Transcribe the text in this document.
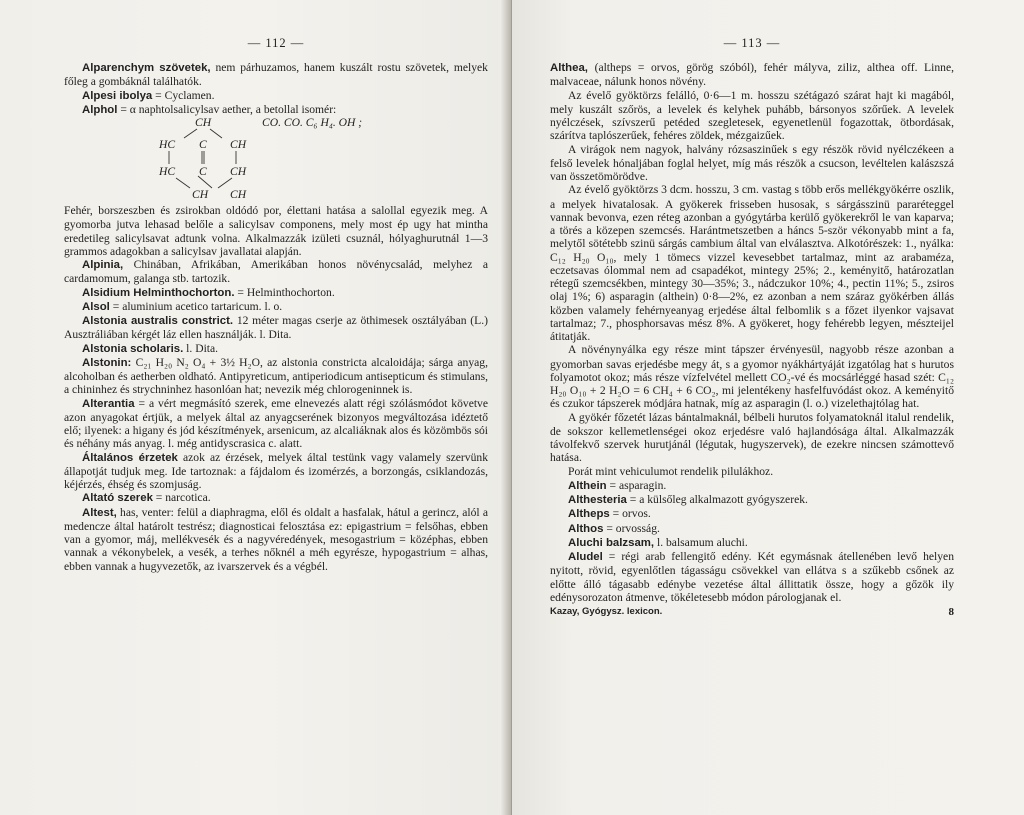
— 112 —

Alparenchym szövetek, nem párhuzamos, hanem kuszált rostu szövetek, melyek főleg a gombáknál találhatók.

Alpesi ibolya = Cyclamen.

Alphol = α naphtolsalicylsav aether, a betollal isomér:

CH	CO. CO. C₆ H₄. OH ;
HC C CH
HC C CH
CH CH

Fehér, borszeszben és zsirokban oldódó por, élettani hatása a salollal egyezik meg. A gyomorba jutva lehasad belőle a salicylsav componens, mely most ép ugy hat mintha eredetileg salicylsavat adtunk volna. Alkalmazzák izületi csuznál, hólyaghurutnál 1—3 grammos adagokban a salicylsav javallatai alapján.

Alpinia, Chinában, Afrikában, Amerikában honos növénycsalád, melyhez a cardamomum, galanga stb. tartozik.

Alsidium Helminthochorton. = Helminthochorton.

Alsol = aluminium acetico tartaricum. l. o.

Alstonia australis constrict. 12 méter magas cserje az öthimesek osztályában (L.) Ausztráliában kérgét láz ellen használják. l. Dita.

Alstonia scholaris. l. Dita.

Alstonin: C₂₁ H₂₀ N₂ O₄ + 3½ H₂O, az alstonia constricta alcaloidája; sárga anyag, alcoholban és aetherben oldható. Antipyreticum, antiperiodicum antisepticum és stimulans, a chininhez és strychninhez hasonlóan hat; nevezik még chlorogeninnek is.

Alterantia = a vért megmásító szerek, eme elnevezés alatt régi szólásmódot követve azon anyagokat értjük, a melyek által az anyagcserének bizonyos megváltozása idéztető elő; ilyenek: a higany és jód készítmények, arsenicum, az alcaliáknak alos és közömbös sói és néhány más anyag. l. még antidyscrasica c. alatt.

Általános érzetek azok az érzések, melyek által testünk vagy valamely szervünk állapotját tudjuk meg. Ide tartoznak: a fájdalom és izomérzés, a borzongás, csiklandozás, kéjérzés, éhség és szomjuság.

Altató szerek = narcotica.

Altest, has, venter: felül a diaphragma, elől és oldalt a hasfalak, hátul a gerincz, alól a medencze által határolt testrész; diagnosticai felosztása ez: epigastrium = felsőhas, ebben van a gyomor, máj, mellékvesék és a nagyvéredények, mesogastrium = középhas, ebben vannak a vékonybelek, a vesék, a terhes nőknél a méh egyrésze, hypogastrium = alhas, ebben vannak a hugyvezetők, az ivarszervek és a végbél.

— 113 —

Althea, (altheps = orvos, görög szóból), fehér mályva, ziliz, althea off. Linne, malvaceae, nálunk honos növény.

Az évelő gyöktörzs felálló, 0·6—1 m. hosszu szétágazó szárat hajt ki magából, mely kuszált szőrös, a levelek és kelyhek puhább, bársonyos szőrűek. A levelek nyélczések, szívszerű petéded szegletesek, egyenetlenül fogazottak, ötbordásak, szárítva taplószerűek, fehéres zöldek, mézgaizűek.

A virágok nem nagyok, halvány rózsaszinűek s egy részök rövid nyélczékeen a felső levelek hónaljában foglal helyet, míg más részök a csucson, levéltelen kalászszá van összetömörödve.

Az évelő gyöktörzs 3 dcm. hosszu, 3 cm. vastag s több erős mellékgyökérre oszlik, a melyek hivatalosak. A gyökerek frisseben husosak, s sárgásszinü pararéteggel vannak bevonva, ezen réteg azonban a gyógytárba kerülő gyökerekről le van kaparva; a törés a közepen szemcsés. Harántmetszetben a háncs 5-ször vékonyabb mint a fa, melytől sötétebb szinü sárgás cambium által van elválasztva. Alkotórészek: 1., nyálka: C₁₂ H₂₀ O₁₀, mely 1 tömecs vizzel kevesebbet tartalmaz, mint az arabaméza, eczetsavas ólommal nem ad csapadékot, mintegy 25%; 2., keményitő, határozatlan rétegű szemcsékben, mintegy 30—35%; 3., nádczukor 10%; 4., pectin 11%; 5., zsiros olaj 1%; 6) asparagin (althein) 0·8—2%, ez azonban a nem száraz gyökérben állás közben valamely fehérnyeanyag erjedése által felbomlik s a főzet ilyenkor vajsavat tartalmaz; 7., phosphorsavas mész 8%. A gyökeret, hogy fehérebb legyen, mészteijel átitatják.

A növénynyálka egy része mint tápszer érvényesül, nagyobb része azonban a gyomorban savas erjedésbe megy át, s a gyomor nyákhártyáját izgatólag hat s hurutos folyamotot okoz; más része vízfelvétel mellett CO₂-vé és mocsárléggé hasad szét: C₁₂ H₂₀ O₁₀ + 2 H₂O = 6 CH₄ + 6 CO₂, mi jelentékeny hasfelfuvódást okoz. A keményitő és czukor tápszerek módjára hatnak, míg az asparagin (l. o.) vizelethajtólag hat.

A gyökér főzetét lázas bántalmaknál, bélbeli hurutos folyamatoknál italul rendelik, de sokszor kellemetlenségei okoz erjedésre való hajlandósága által. Alkalmazzák távolfekvő szervek hurutjánál (légutak, hugyszervek), de ezekre nincsen számottevő hatása.

Porát mint vehiculumot rendelik pilulákhoz.

Althein = asparagin.

Althesteria = a külsőleg alkalmazott gyógyszerek.

Altheps = orvos.

Althos = orvosság.

Aluchi balzsam, l. balsamum aluchi.

Aludel = régi arab fellengitő edény. Két egymásnak átellenében levő helyen nyitott, rövid, egyenlőtlen tágasságu csövekkel van ellátva s a szűkebb csőnek az előtte álló tágasabb edénybe vezetése által állittatik össze, hogy a gőzök ily edénysorozaton átmenve, tökéletesebb módon párologjanak el.

Kazay, Gyógysz. lexicon.	8
